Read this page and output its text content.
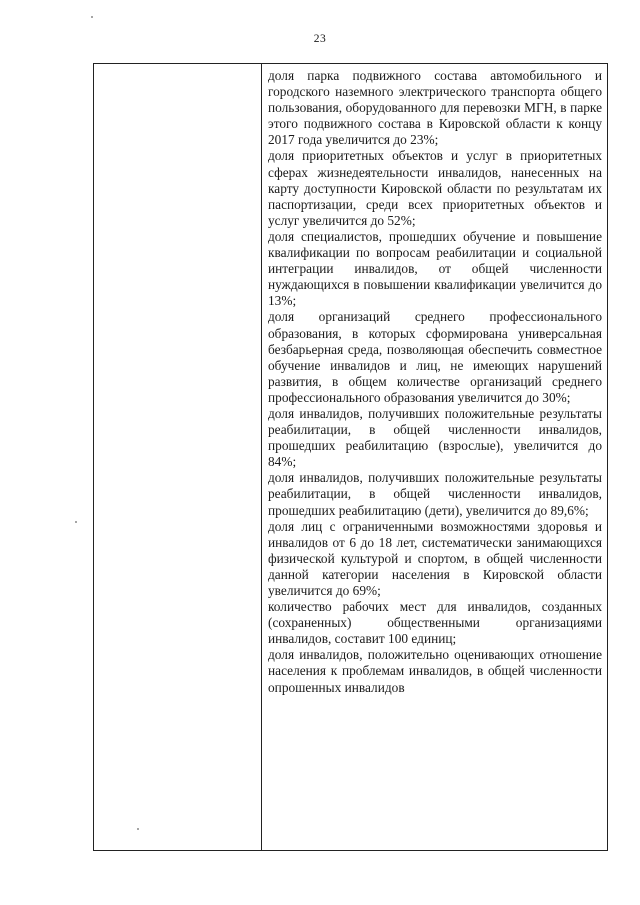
23

доля парка подвижного состава автомобильного и городского наземного электрического транспорта общего пользования, оборудованного для перевозки МГН, в парке этого подвижного состава в Кировской области к концу 2017 года увеличится до 23%;

доля приоритетных объектов и услуг в приоритетных сферах жизнедеятельности инвалидов, нанесенных на карту доступности Кировской области по результатам их паспортизации, среди всех приоритетных объектов и услуг увеличится до 52%;

доля специалистов, прошедших обучение и повышение квалификации по вопросам реабилитации и социальной интеграции инвалидов, от общей численности нуждающихся в повышении квалификации увеличится до 13%;

доля организаций среднего профессионального образования, в которых сформирована универсальная безбарьерная среда, позволяющая обеспечить совместное обучение инвалидов и лиц, не имеющих нарушений развития, в общем количестве организаций среднего профессионального образования увеличится до 30%;

доля инвалидов, получивших положительные результаты реабилитации, в общей численности инвалидов, прошедших реабилитацию (взрослые), увеличится до 84%;

доля инвалидов, получивших положительные результаты реабилитации, в общей численности инвалидов, прошедших реабилитацию (дети), увеличится до 89,6%;

доля лиц с ограниченными возможностями здоровья и инвалидов от 6 до 18 лет, систематически занимающихся физической культурой и спортом, в общей численности данной категории населения в Кировской области увеличится до 69%;

количество рабочих мест для инвалидов, созданных (сохраненных) общественными организациями инвалидов, составит 100 единиц;

доля инвалидов, положительно оценивающих отношение населения к проблемам инвалидов, в общей численности опрошенных инвалидов
